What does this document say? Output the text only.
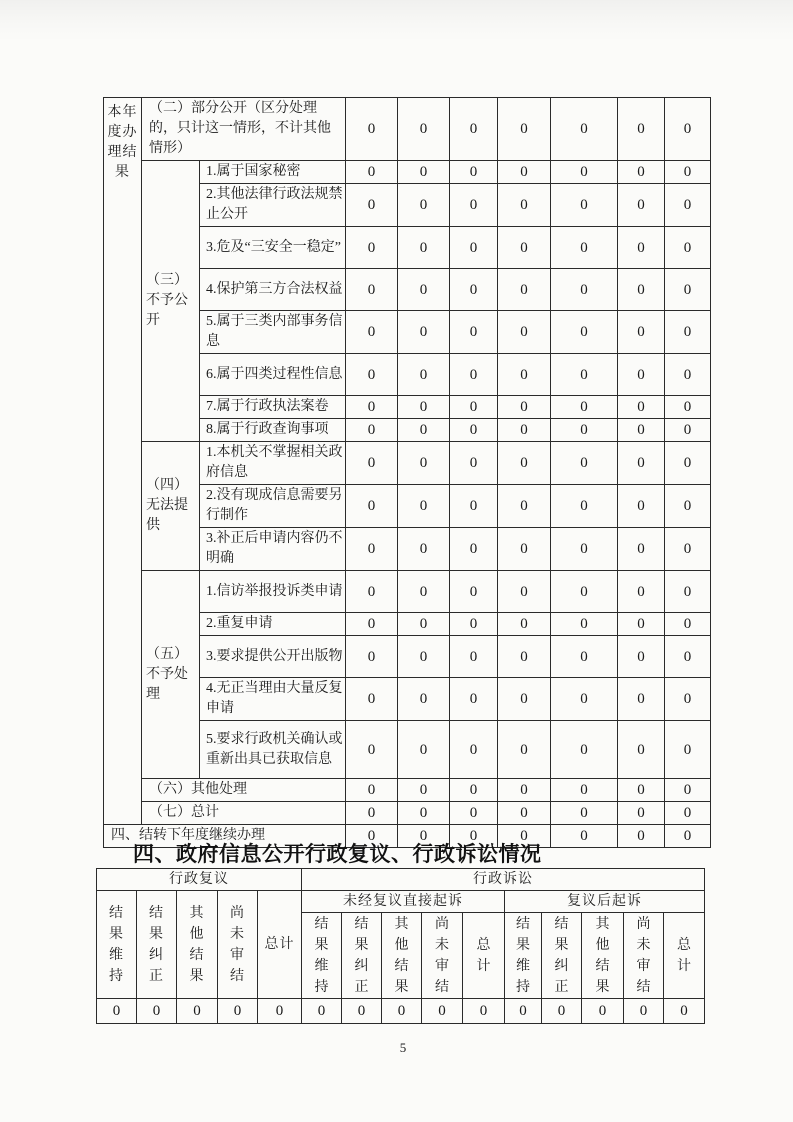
本年度办理结果	（二）部分公开（区分处理的，只计这一情形，不计其他情形）		0	0	0	0	0	0	0
	（三）不予公开	1.属于国家秘密	0	0	0	0	0	0	0
		2.其他法律行政法规禁止公开	0	0	0	0	0	0	0
		3.危及“三安全一稳定”	0	0	0	0	0	0	0
		4.保护第三方合法权益	0	0	0	0	0	0	0
		5.属于三类内部事务信息	0	0	0	0	0	0	0
		6.属于四类过程性信息	0	0	0	0	0	0	0
		7.属于行政执法案卷	0	0	0	0	0	0	0
		8.属于行政查询事项	0	0	0	0	0	0	0
	（四）无法提供	1.本机关不掌握相关政府信息	0	0	0	0	0	0	0
		2.没有现成信息需要另行制作	0	0	0	0	0	0	0
		3.补正后申请内容仍不明确	0	0	0	0	0	0	0
	（五）不予处理	1.信访举报投诉类申请	0	0	0	0	0	0	0
		2.重复申请	0	0	0	0	0	0	0
		3.要求提供公开出版物	0	0	0	0	0	0	0
		4.无正当理由大量反复申请	0	0	0	0	0	0	0
		5.要求行政机关确认或重新出具已获取信息	0	0	0	0	0	0	0
	（六）其他处理		0	0	0	0	0	0	0
	（七）总计		0	0	0	0	0	0	0
四、结转下年度继续办理			0	0	0	0	0	0	0
四、政府信息公开行政复议、行政诉讼情况
行政复议					行政诉讼									
结果维持	结果纠正	其他结果	尚未审结	总计	未经复议直接起诉					复议后起诉				
					结果维持	结果纠正	其他结果	尚未审结	总计	结果维持	结果纠正	其他结果	尚未审结	总计
0	0	0	0	0	0	0	0	0	0	0	0	0	0	0
5
